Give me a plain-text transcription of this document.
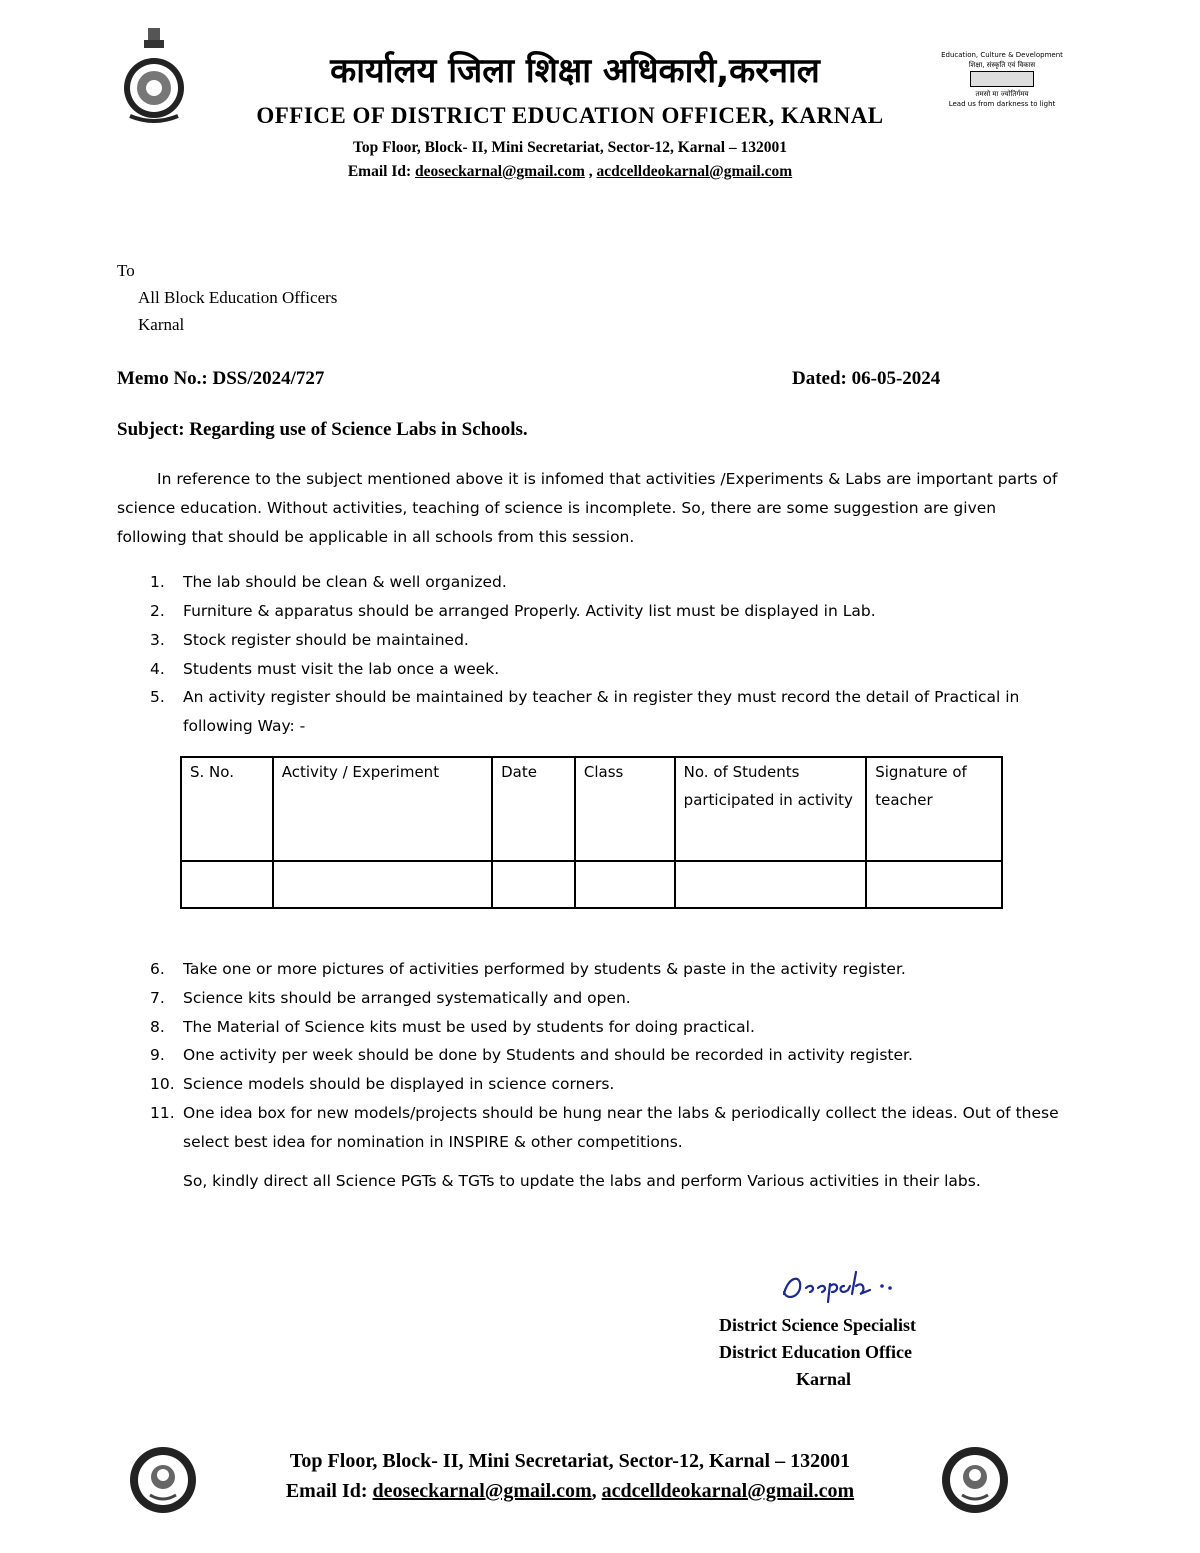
कार्यालय जिला शिक्षा अधिकारी,करनाल
OFFICE OF DISTRICT EDUCATION OFFICER, KARNAL
Top Floor, Block- II, Mini Secretariat, Sector-12, Karnal – 132001
Email Id: deoseckarnal@gmail.com , acdcelldeokarnal@gmail.com
Education, Culture & Development
शिक्षा, संस्कृति एवं विकास
तमसो मा ज्योतिर्गमय
Lead us from darkness to light
To
All Block Education Officers
Karnal
Memo No.: DSS/2024/727	Dated: 06-05-2024
Subject: Regarding use of Science Labs in Schools.
In reference to the subject mentioned above it is infomed that activities /Experiments & Labs are important parts of science education. Without activities, teaching of science is incomplete. So, there are some suggestion are given following that should be applicable in all schools from this session.
1.	The lab should be clean & well organized.
2.	Furniture & apparatus should be arranged Properly. Activity list must be displayed in Lab.
3.	Stock register should be maintained.
4.	Students must visit the lab once a week.
5.	An activity register should be maintained by teacher & in register they must record the detail of Practical in following Way: -
S. No.	Activity / Experiment	Date	Class	No. of Students participated in activity	Signature of teacher

6.	Take one or more pictures of activities performed by students & paste in the activity register.
7.	Science kits should be arranged systematically and open.
8.	The Material of Science kits must be used by students for doing practical.
9.	One activity per week should be done by Students and should be recorded in activity register.
10. Science models should be displayed in science corners.
11. One idea box for new models/projects should be hung near the labs & periodically collect the ideas. Out of these select best idea for nomination in INSPIRE & other competitions.
So, kindly direct all Science PGTs & TGTs to update the labs and perform Various activities in their labs.
District Science Specialist
District Education Office
Karnal
Top Floor, Block- II, Mini Secretariat, Sector-12, Karnal – 132001
Email Id: deoseckarnal@gmail.com, acdcelldeokarnal@gmail.com
